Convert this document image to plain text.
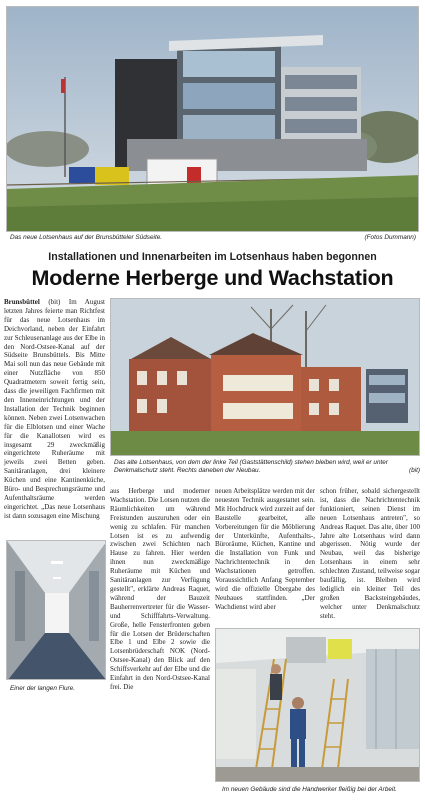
Das neue Lotsenhaus auf der Brunsbütteler Südseite.	(Fotos Dummann)
Installationen und Innenarbeiten im Lotsenhaus haben begonnen
Moderne Herberge und Wachstation
Brunsbüttel (bit) Im August letzten Jahres feierte man Richtfest für das neue Lotsenhaus im Deichvorland, neben der Einfahrt zur Schleusenanlage aus der Elbe in den Nord-Ostsee-Kanal auf der Südseite Brunsbüttels. Bis Mitte Mai soll nun das neue Gebäude mit einer Nutzfläche von 850 Quadratmetern soweit fertig sein, dass die jeweiligen Fachfirmen mit den Inneneinrichtungen und der Installation der Technik beginnen können. Neben zwei Lotsenwachen für die Elblotsen und einer Wache für die Kanallotsen wird es insgesamt 29 zweckmäßig eingerichtete Ruheräume mit jeweils zwei Betten geben. Sanitäranlagen, drei kleinere Küchen und eine Kantinenküche, Büro- und Besprechungsräume und Aufenthaltsräume werden eingerichtet. „Das neue Lotsenhaus ist dann sozusagen eine Mischung
Das alte Lotsenhaus, von dem der linke Teil (Gaststättenschild) stehen bleiben wird, weil er unter Denkmalschutz steht. Rechts daneben der Neubau.	(bit)
Einer der langen Flure.
aus Herberge und moderner Wachstation. Die Lotsen nutzen die Räumlichkeiten um während Freistunden auszuruhen oder ein wenig zu schlafen. Für manchen Lotsen ist es zu aufwendig zwischen zwei Schichten nach Hause zu fahren. Hier werden ihnen nun zweckmäßige Ruheräume mit Küchen und Sanitäranlagen zur Verfügung gestellt", erklärte Andreas Raquet, während der Bauzeit Bauherrenvertreter für die Wasser- und Schifffahrts-Verwaltung. Große, helle Fensterfronten geben für die Lotsen der Brüderschaften Elbe 1 und Elbe 2 sowie die Lotsenbrüderschaft NOK (Nord-Ostsee-Kanal) den Blick auf den Schiffsverkehr auf der Elbe und die Einfahrt in den Nord-Ostsee-Kanal frei. Die
neuen Arbeitsplätze werden mit der neuesten Technik ausgestattet sein. Mit Hochdruck wird zurzeit auf der Baustelle gearbeitet, alle Vorbereitungen für die Möblierung der Unterkünfte, Aufenthalts-, Büroräume, Küchen, Kantine und die Installation von Funk und Nachrichtentechnik in den Wachstationen getroffen. Voraussichtlich Anfang September wird die offizielle Übergabe des Neubaues stattfinden. „Der Wachdienst wird aber
schon früher, sobald sichergestellt ist, dass die Nachrichtentechnik funktioniert, seinen Dienst im neuen Lotsenhaus antreten", so Andreas Raquet. Das alte, über 100 Jahre alte Lotsenhaus wird dann abgerissen. Nötig wurde der Neubau, weil das bisherige Lotsenhaus in einem sehr schlechten Zustand, teilweise sogar baufällig, ist. Bleiben wird lediglich ein kleiner Teil des großen Backsteingebäudes, welcher unter Denkmalschutz steht.
Im neuen Gebäude sind die Handwerker fleißig bei der Arbeit.
